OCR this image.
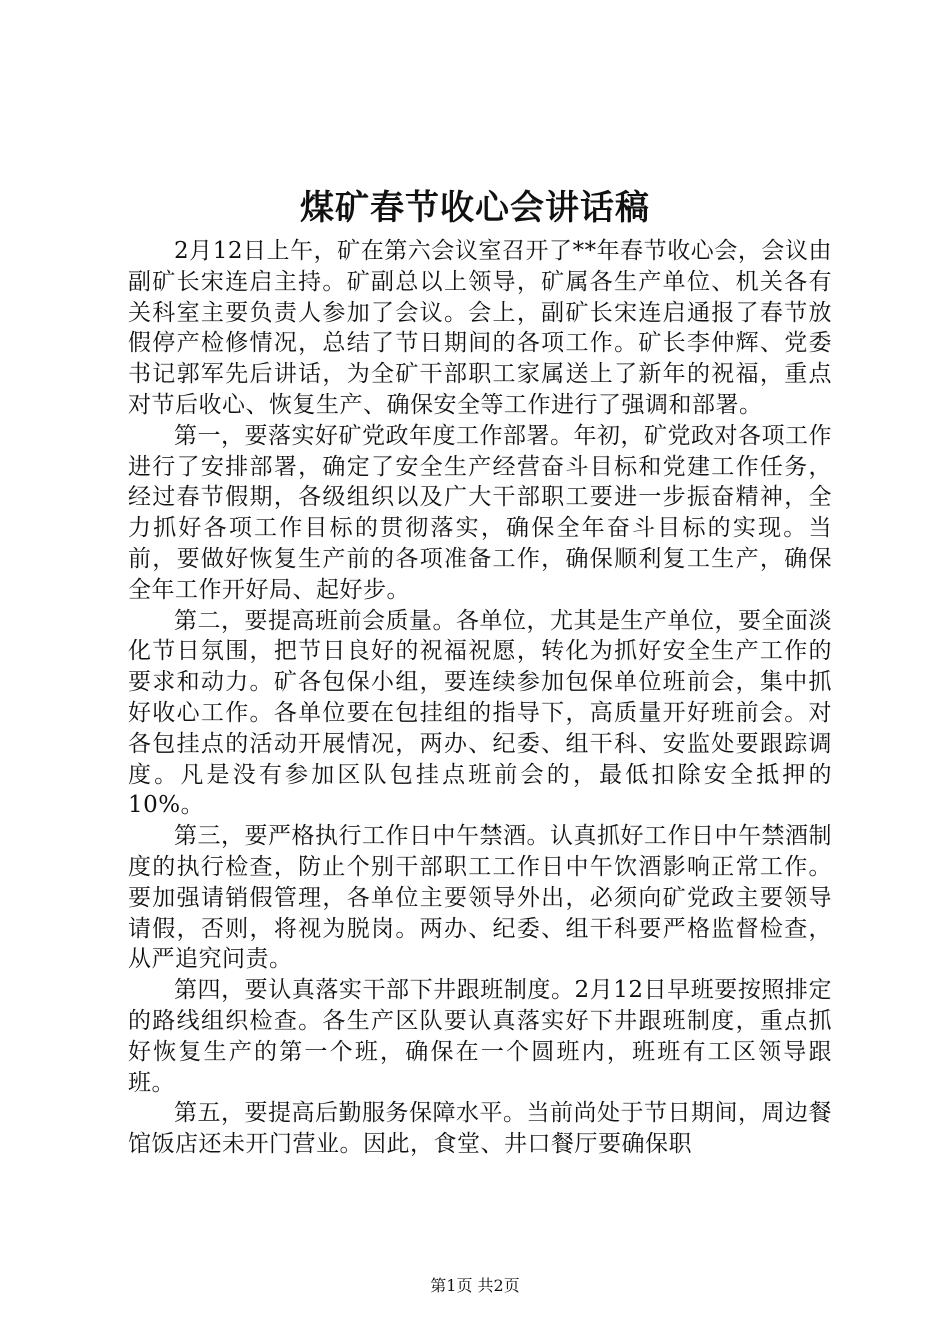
煤矿春节收心会讲话稿

2月12日上午，矿在第六会议室召开了**年春节收心会，会议由副矿长宋连启主持。矿副总以上领导，矿属各生产单位、机关各有关科室主要负责人参加了会议。会上，副矿长宋连启通报了春节放假停产检修情况，总结了节日期间的各项工作。矿长李仲辉、党委书记郭军先后讲话，为全矿干部职工家属送上了新年的祝福，重点对节后收心、恢复生产、确保安全等工作进行了强调和部署。

第一，要落实好矿党政年度工作部署。年初，矿党政对各项工作进行了安排部署，确定了安全生产经营奋斗目标和党建工作任务，经过春节假期，各级组织以及广大干部职工要进一步振奋精神，全力抓好各项工作目标的贯彻落实，确保全年奋斗目标的实现。当前，要做好恢复生产前的各项准备工作，确保顺利复工生产，确保全年工作开好局、起好步。

第二，要提高班前会质量。各单位，尤其是生产单位，要全面淡化节日氛围，把节日良好的祝福祝愿，转化为抓好安全生产工作的要求和动力。矿各包保小组，要连续参加包保单位班前会，集中抓好收心工作。各单位要在包挂组的指导下，高质量开好班前会。对各包挂点的活动开展情况，两办、纪委、组干科、安监处要跟踪调度。凡是没有参加区队包挂点班前会的，最低扣除安全抵押的10%。

第三，要严格执行工作日中午禁酒。认真抓好工作日中午禁酒制度的执行检查，防止个别干部职工工作日中午饮酒影响正常工作。要加强请销假管理，各单位主要领导外出，必须向矿党政主要领导请假，否则，将视为脱岗。两办、纪委、组干科要严格监督检查，从严追究问责。

第四，要认真落实干部下井跟班制度。2月12日早班要按照排定的路线组织检查。各生产区队要认真落实好下井跟班制度，重点抓好恢复生产的第一个班，确保在一个圆班内，班班有工区领导跟班。

第五，要提高后勤服务保障水平。当前尚处于节日期间，周边餐馆饭店还未开门营业。因此，食堂、井口餐厅要确保职

第1页 共2页
